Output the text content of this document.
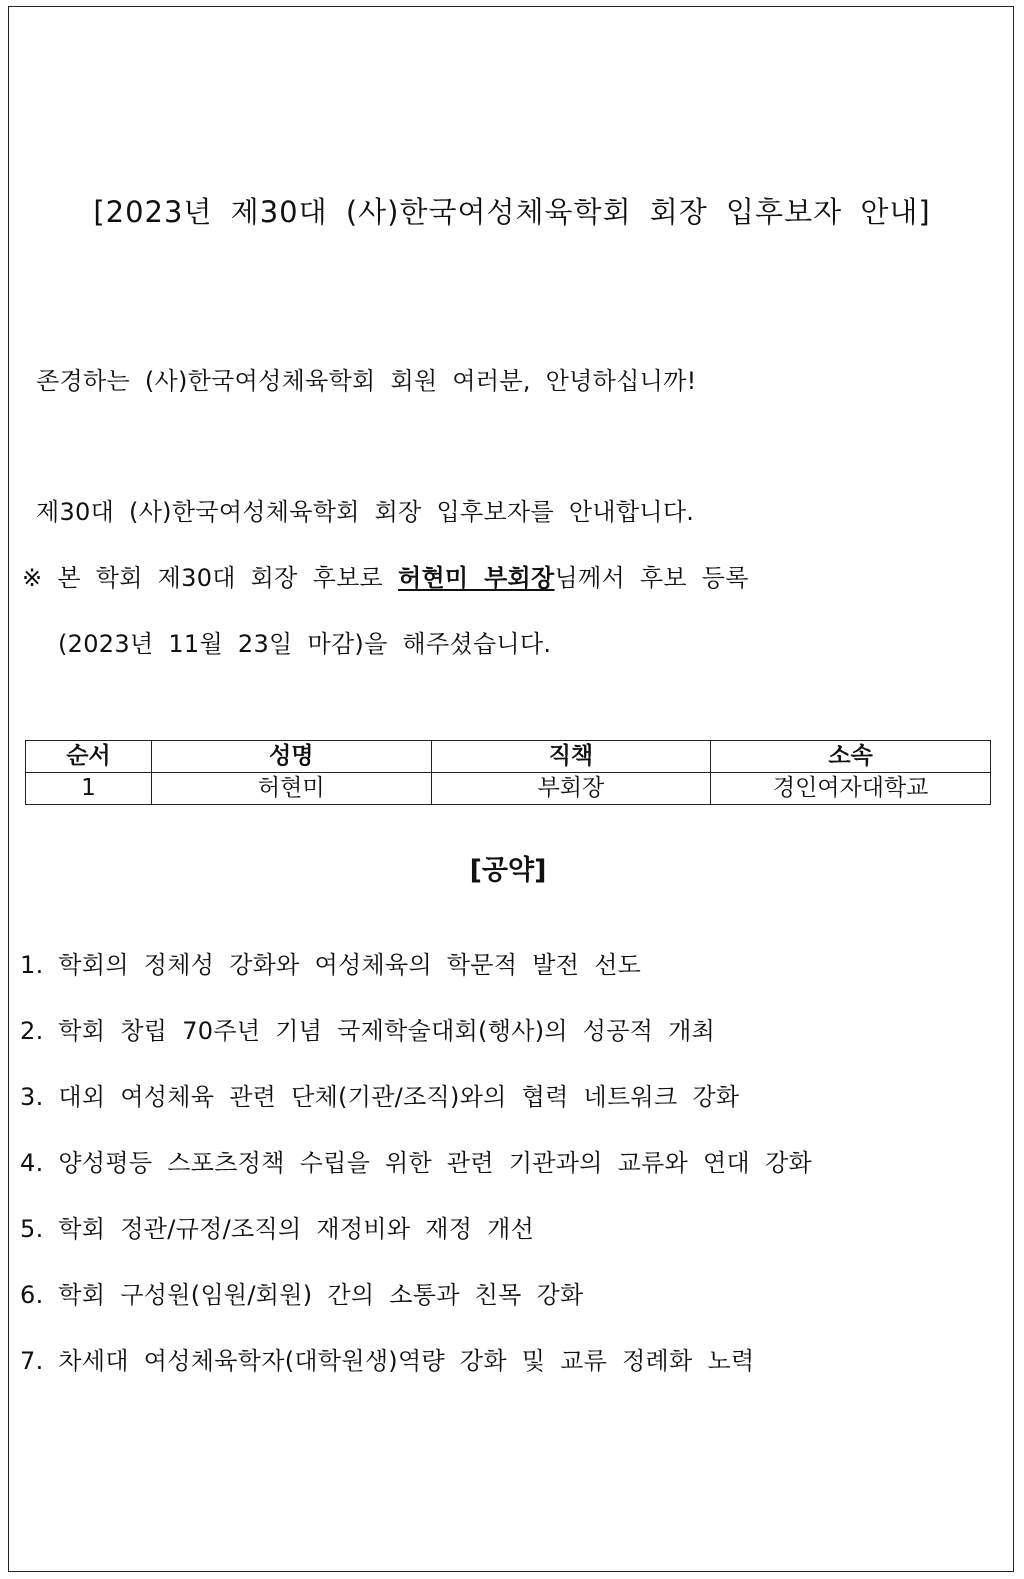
[2023년 제30대 (사)한국여성체육학회 회장 입후보자 안내]
존경하는 (사)한국여성체육학회 회원 여러분, 안녕하십니까!
제30대 (사)한국여성체육학회 회장 입후보자를 안내합니다.
※ 본 학회 제30대 회장 후보로 허현미 부회장님께서 후보 등록
(2023년 11월 23일 마감)을 해주셨습니다.
순서	성명	직책	소속
1	허현미	부회장	경인여자대학교
[공약]
1. 학회의 정체성 강화와 여성체육의 학문적 발전 선도
2. 학회 창립 70주년 기념 국제학술대회(행사)의 성공적 개최
3. 대외 여성체육 관련 단체(기관/조직)와의 협력 네트워크 강화
4. 양성평등 스포츠정책 수립을 위한 관련 기관과의 교류와 연대 강화
5. 학회 정관/규정/조직의 재정비와 재정 개선
6. 학회 구성원(임원/회원) 간의 소통과 친목 강화
7. 차세대 여성체육학자(대학원생)역량 강화 및 교류 정례화 노력
